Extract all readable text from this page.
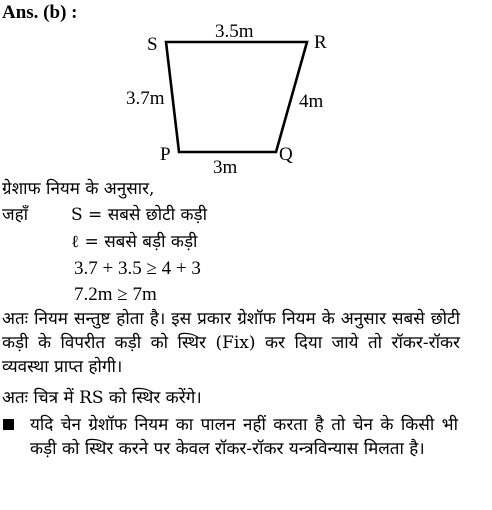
Ans. (b) :
S	R
P	Q
3.5m
3.7m	4m
3m
ग्रेशाफ नियम के अनुसार,
जहाँ	S = सबसे छोटी कड़ी
ℓ = सबसे बड़ी कड़ी
3.7 + 3.5 ≥ 4 + 3
7.2m ≥ 7m
अतः नियम सन्तुष्ट होता है। इस प्रकार ग्रेशॉफ नियम के अनुसार सबसे छोटी कड़ी के विपरीत कड़ी को स्थिर (Fix) कर दिया जाये तो रॉकर-रॉकर व्यवस्था प्राप्त होगी।
अतः चित्र में RS को स्थिर करेंगे।
यदि चेन ग्रेशॉफ नियम का पालन नहीं करता है तो चेन के किसी भी कड़ी को स्थिर करने पर केवल रॉकर-रॉकर यन्त्रविन्यास मिलता है।
